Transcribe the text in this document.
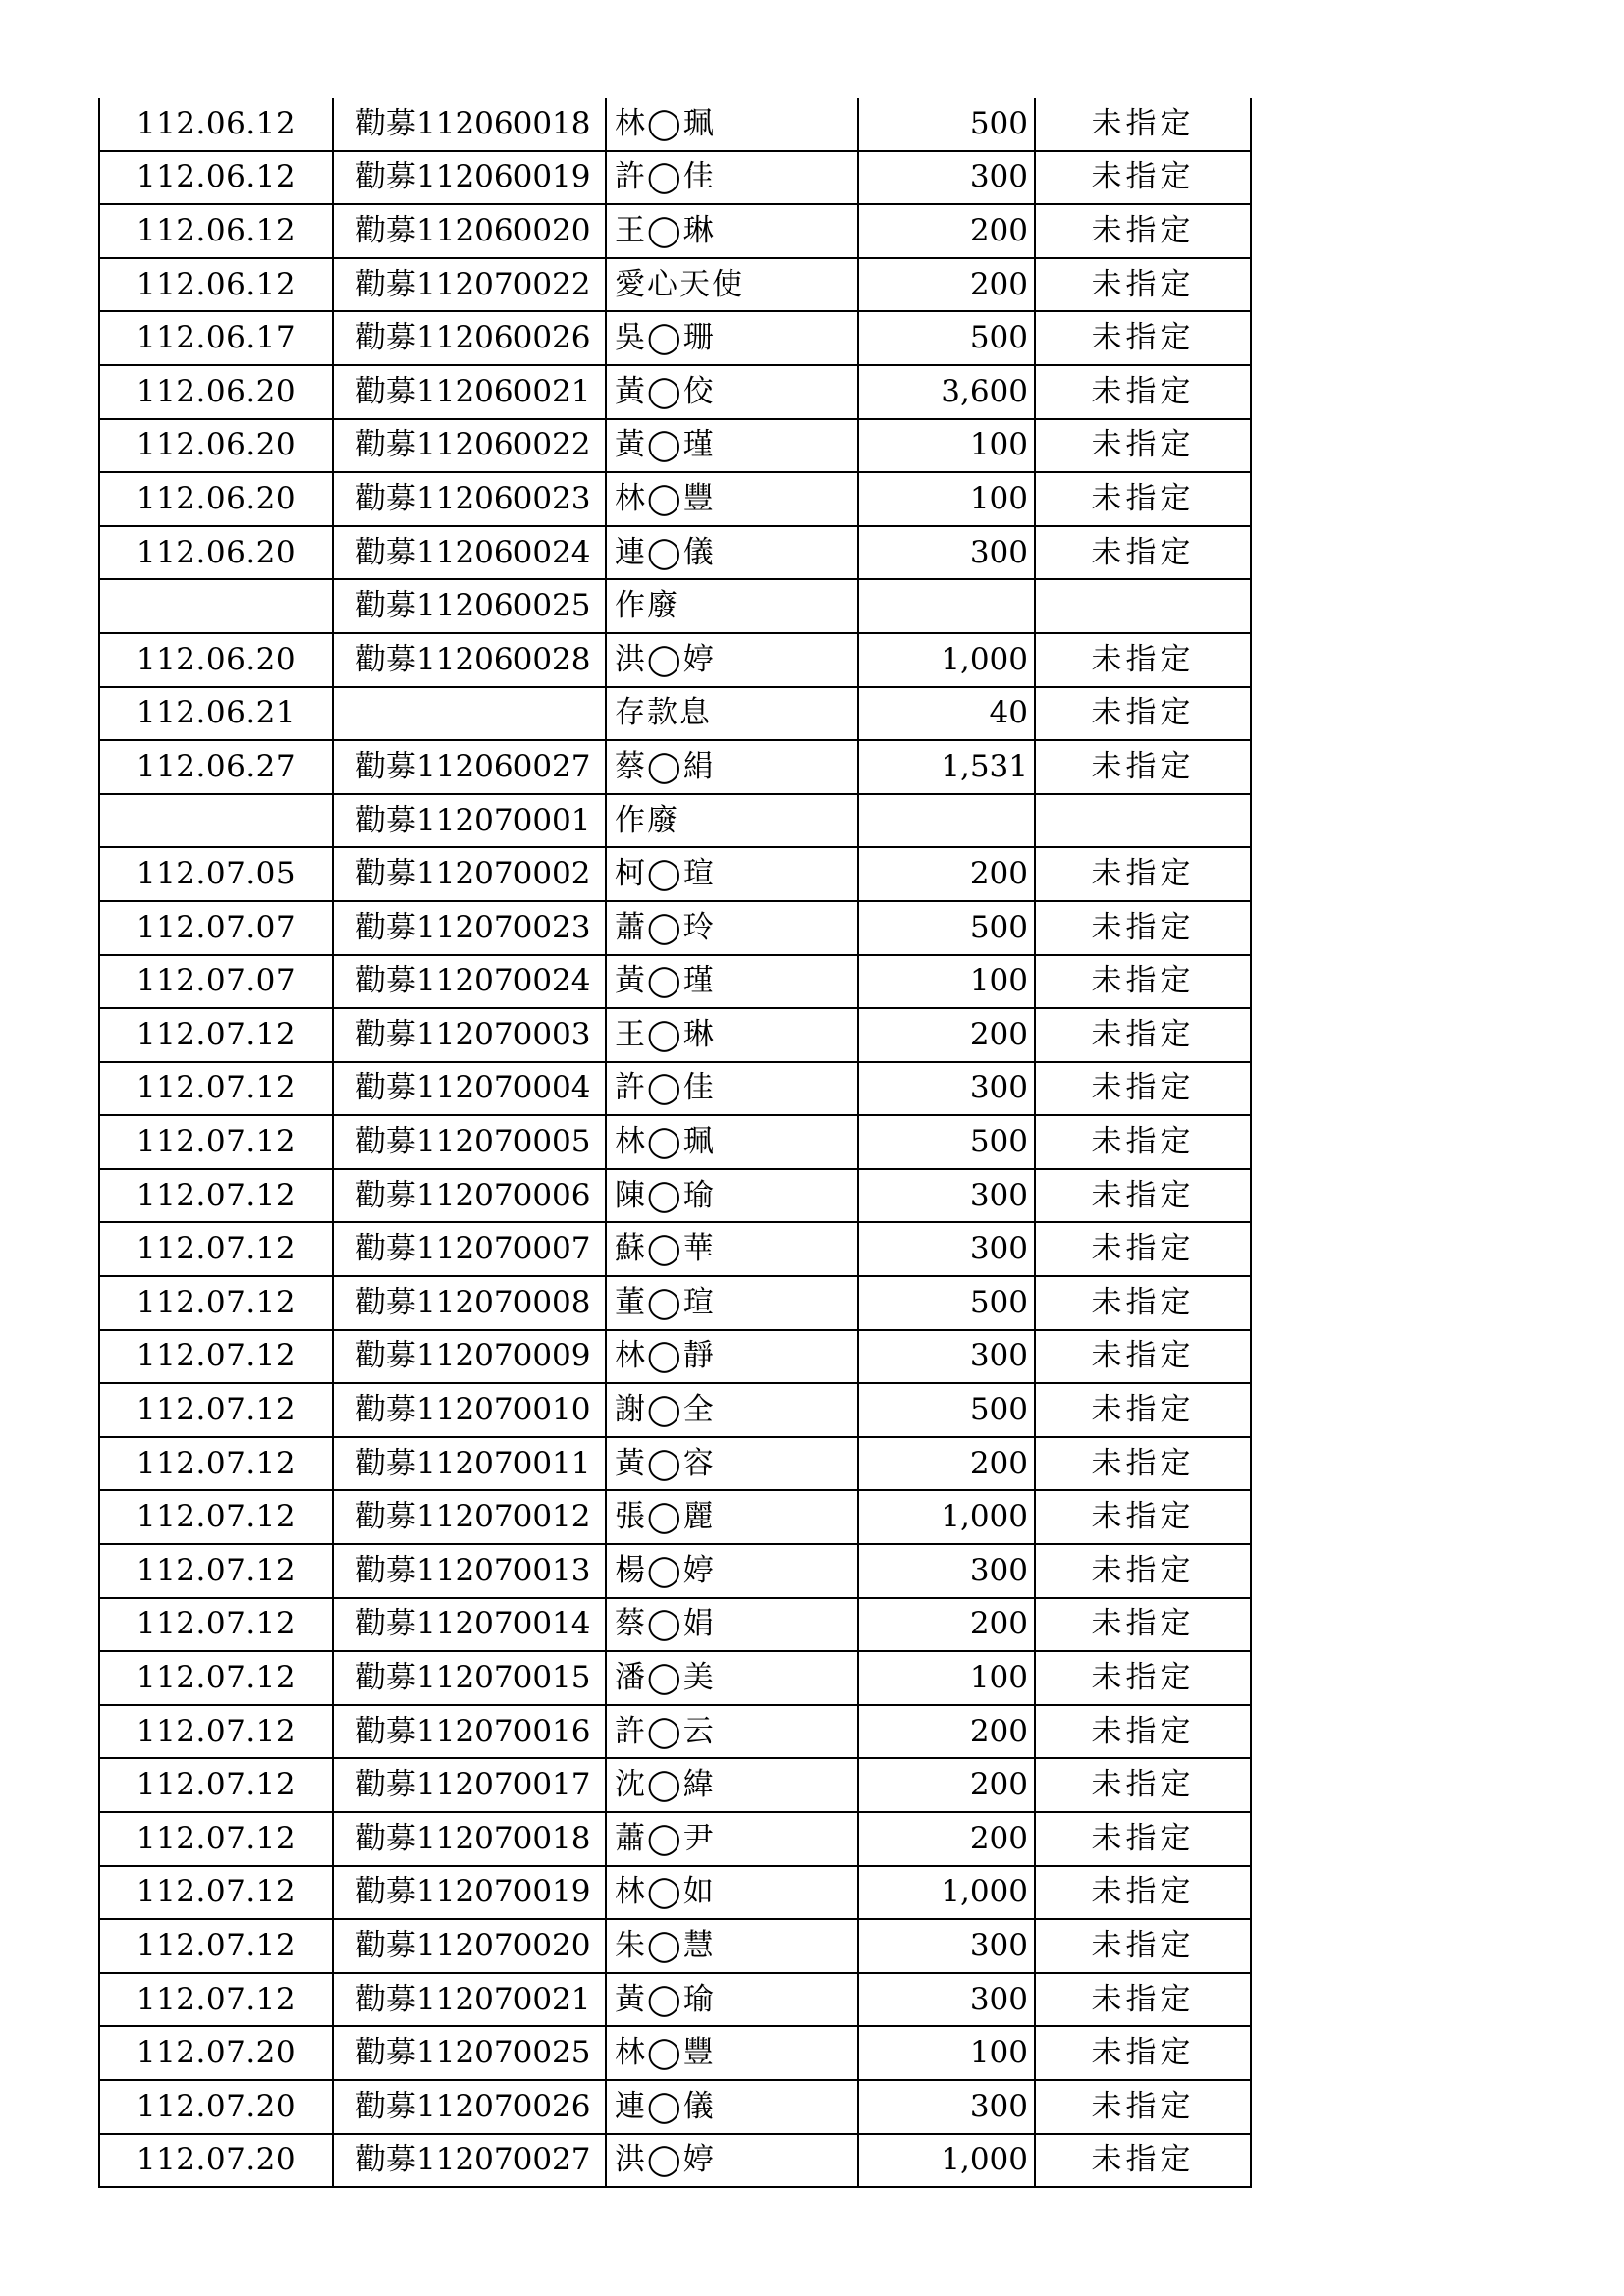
112.06.12	勸募112060018	林◯珮	500	未指定
112.06.12	勸募112060019	許◯佳	300	未指定
112.06.12	勸募112060020	王◯琳	200	未指定
112.06.12	勸募112070022	愛心天使	200	未指定
112.06.17	勸募112060026	吳◯珊	500	未指定
112.06.20	勸募112060021	黃◯佼	3,600	未指定
112.06.20	勸募112060022	黃◯瑾	100	未指定
112.06.20	勸募112060023	林◯豐	100	未指定
112.06.20	勸募112060024	連◯儀	300	未指定
	勸募112060025	作廢		
112.06.20	勸募112060028	洪◯婷	1,000	未指定
112.06.21		存款息	40	未指定
112.06.27	勸募112060027	蔡◯絹	1,531	未指定
	勸募112070001	作廢		
112.07.05	勸募112070002	柯◯瑄	200	未指定
112.07.07	勸募112070023	蕭◯玲	500	未指定
112.07.07	勸募112070024	黃◯瑾	100	未指定
112.07.12	勸募112070003	王◯琳	200	未指定
112.07.12	勸募112070004	許◯佳	300	未指定
112.07.12	勸募112070005	林◯珮	500	未指定
112.07.12	勸募112070006	陳◯瑜	300	未指定
112.07.12	勸募112070007	蘇◯華	300	未指定
112.07.12	勸募112070008	董◯瑄	500	未指定
112.07.12	勸募112070009	林◯靜	300	未指定
112.07.12	勸募112070010	謝◯全	500	未指定
112.07.12	勸募112070011	黃◯容	200	未指定
112.07.12	勸募112070012	張◯麗	1,000	未指定
112.07.12	勸募112070013	楊◯婷	300	未指定
112.07.12	勸募112070014	蔡◯娟	200	未指定
112.07.12	勸募112070015	潘◯美	100	未指定
112.07.12	勸募112070016	許◯云	200	未指定
112.07.12	勸募112070017	沈◯緯	200	未指定
112.07.12	勸募112070018	蕭◯尹	200	未指定
112.07.12	勸募112070019	林◯如	1,000	未指定
112.07.12	勸募112070020	朱◯慧	300	未指定
112.07.12	勸募112070021	黃◯瑜	300	未指定
112.07.20	勸募112070025	林◯豐	100	未指定
112.07.20	勸募112070026	連◯儀	300	未指定
112.07.20	勸募112070027	洪◯婷	1,000	未指定
